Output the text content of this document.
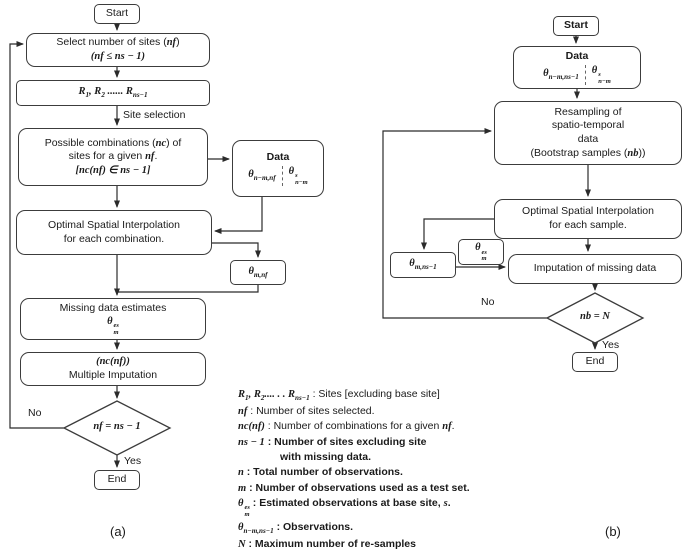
Start
Select number of sites (nf)
(nf ≤ ns − 1)
$R_1$, $R_2$ ...... $R_{ns-1}$
Site selection
Possible combinations (nc) of
sites for a given nf.
[nc(nf) ∈ ns − 1]
Data
$\theta_{n-m,nf}$
θ s
n−m
Optimal Spatial Interpolation
for each combination.
$\theta_{m,nf}$
Missing data estimates
θ es
m
(nc(nf))
Multiple Imputation
nf = ns − 1
No
Yes
End
(a)
Start
Data
$\theta_{n-m,ns-1}$
θ s
n−m
Resampling of
spatio-temporal
data
(Bootstrap samples (nb))
Optimal Spatial Interpolation
for each sample.
$\theta_{m,ns-1}$
θ es
m
Imputation of missing data
nb = N
No
Yes
End
(b)
$R_1$, $R_2$.... . . $R_{ns-1}$ : Sites [excluding base site]
nf : Number of sites selected.
nc(nf) : Number of combinations for a given nf.
ns − 1 : Number of sites excluding site
with missing data.
n : Total number of observations.
m : Number of observations used as a test set.
θ es
m
: Estimated observations at base site, s.
$\theta_{n-m,ns-1}$ : Observations.
N : Maximum number of re-samples
